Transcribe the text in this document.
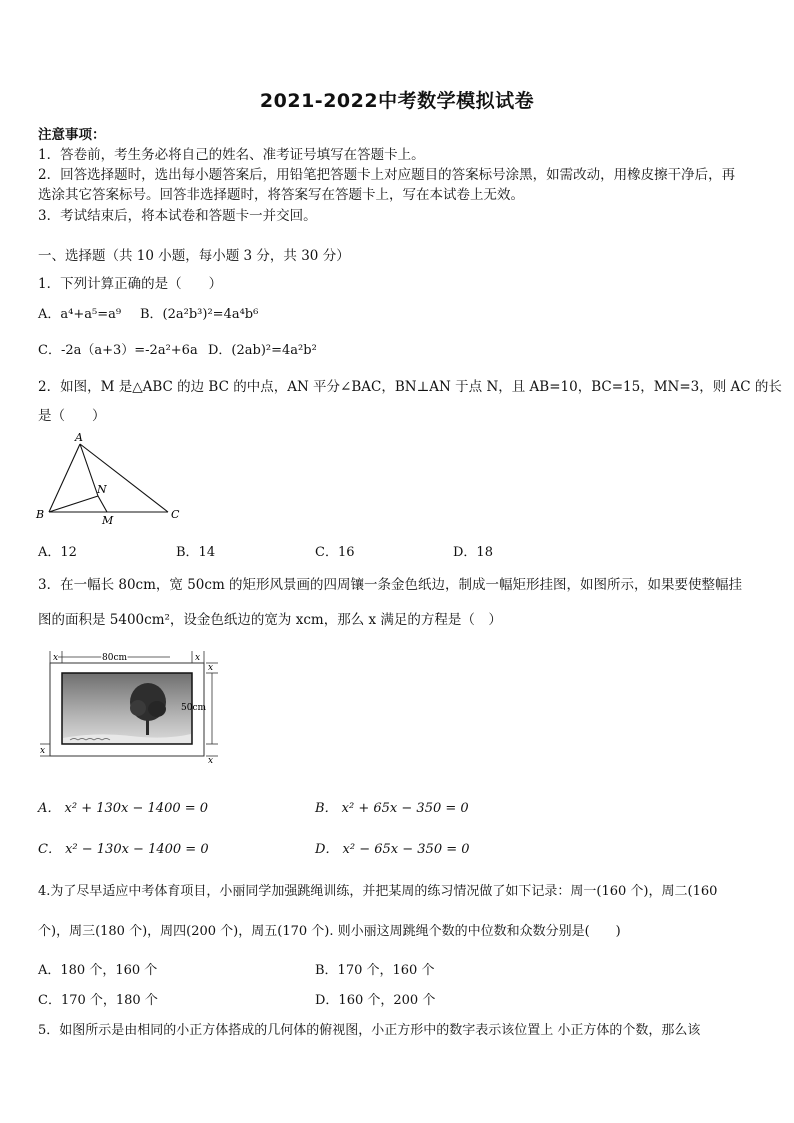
2021-2022中考数学模拟试卷
注意事项：
1．答卷前，考生务必将自己的姓名、准考证号填写在答题卡上。
2．回答选择题时，选出每小题答案后，用铅笔把答题卡上对应题目的答案标号涂黑，如需改动，用橡皮擦干净后，再
选涂其它答案标号。回答非选择题时，将答案写在答题卡上，写在本试卷上无效。
3．考试结束后，将本试卷和答题卡一并交回。
一、选择题（共 10 小题，每小题 3 分，共 30 分）
1．下列计算正确的是（　　）
A．a⁴+a⁵=a⁹ B．(2a²b³)²=4a⁴b⁶
C．-2a（a+3）=-2a²+6a D．(2ab)²=4a²b²
2．如图，M 是△ABC 的边 BC 的中点，AN 平分∠BAC，BN⊥AN 于点 N，且 AB=10，BC=15，MN=3，则 AC 的长
是（　　）
A
B	C
N
M
A．12	B．14	C．16	D．18
3．在一幅长 80cm，宽 50cm 的矩形风景画的四周镶一条金色纸边，制成一幅矩形挂图，如图所示，如果要使整幅挂
图的面积是 5400cm²，设金色纸边的宽为 xcm，那么 x 满足的方程是（　）
x	80cm	x
x
50cm
x
x
A． x² + 130x − 1400 = 0	B． x² + 65x − 350 = 0
C． x² − 130x − 1400 = 0	D． x² − 65x − 350 = 0
4.为了尽早适应中考体育项目，小丽同学加强跳绳训练，并把某周的练习情况做了如下记录：周一(160 个)，周二(160
个)，周三(180 个)，周四(200 个)，周五(170 个). 则小丽这周跳绳个数的中位数和众数分别是(　　)
A．180 个，160 个	B．170 个，160 个
C．170 个，180 个	D．160 个，200 个
5．如图所示是由相同的小正方体搭成的几何体的俯视图，小正方形中的数字表示该位置上 小正方体的个数，那么该
